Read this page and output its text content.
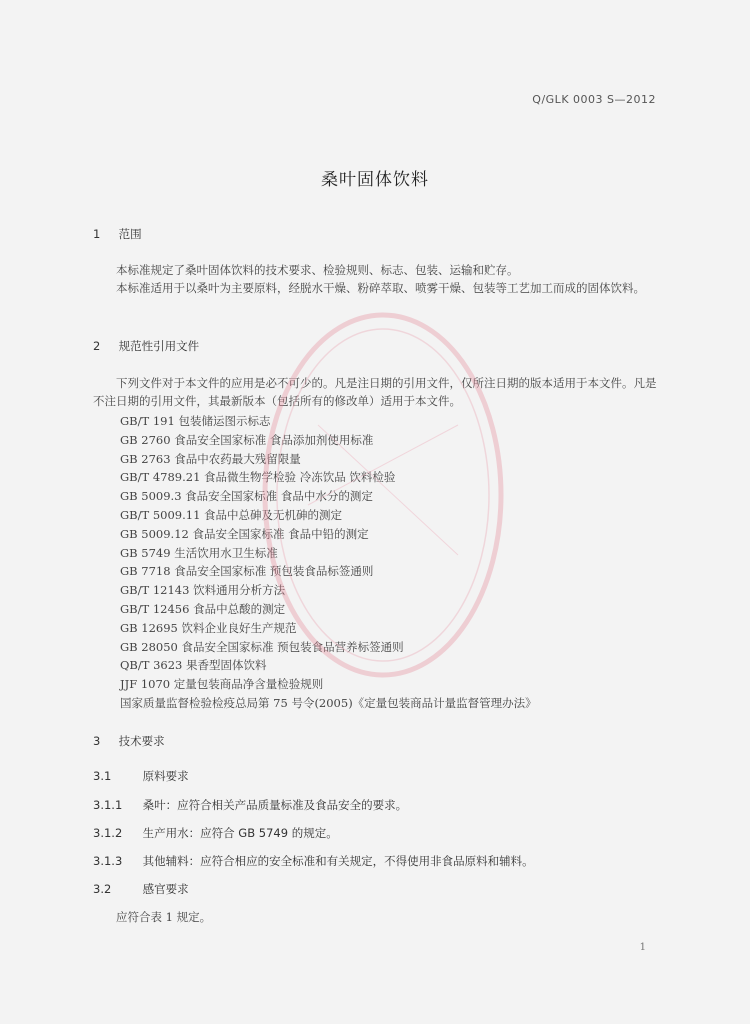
Q/GLK 0003 S—2012
桑叶固体饮料
1 范围
本标准规定了桑叶固体饮料的技术要求、检验规则、标志、包装、运输和贮存。
本标准适用于以桑叶为主要原料，经脱水干燥、粉碎萃取、喷雾干燥、包装等工艺加工而成的固体饮料。
2 规范性引用文件
下列文件对于本文件的应用是必不可少的。凡是注日期的引用文件，仅所注日期的版本适用于本文件。凡是不注日期的引用文件，其最新版本（包括所有的修改单）适用于本文件。
GB/T 191 包装储运图示标志
GB 2760 食品安全国家标准 食品添加剂使用标准
GB 2763 食品中农药最大残留限量
GB/T 4789.21 食品微生物学检验 冷冻饮品 饮料检验
GB 5009.3 食品安全国家标准 食品中水分的测定
GB/T 5009.11 食品中总砷及无机砷的测定
GB 5009.12 食品安全国家标准 食品中铅的测定
GB 5749 生活饮用水卫生标准
GB 7718 食品安全国家标准 预包装食品标签通则
GB/T 12143 饮料通用分析方法
GB/T 12456 食品中总酸的测定
GB 12695 饮料企业良好生产规范
GB 28050 食品安全国家标准 预包装食品营养标签通则
QB/T 3623 果香型固体饮料
JJF 1070 定量包装商品净含量检验规则
国家质量监督检验检疫总局第 75 号令(2005)《定量包装商品计量监督管理办法》
3 技术要求
3.1	原料要求
3.1.1 桑叶：应符合相关产品质量标准及食品安全的要求。
3.1.2 生产用水：应符合 GB 5749 的规定。
3.1.3 其他辅料：应符合相应的安全标准和有关规定，不得使用非食品原料和辅料。
3.2	感官要求
应符合表 1 规定。
1
